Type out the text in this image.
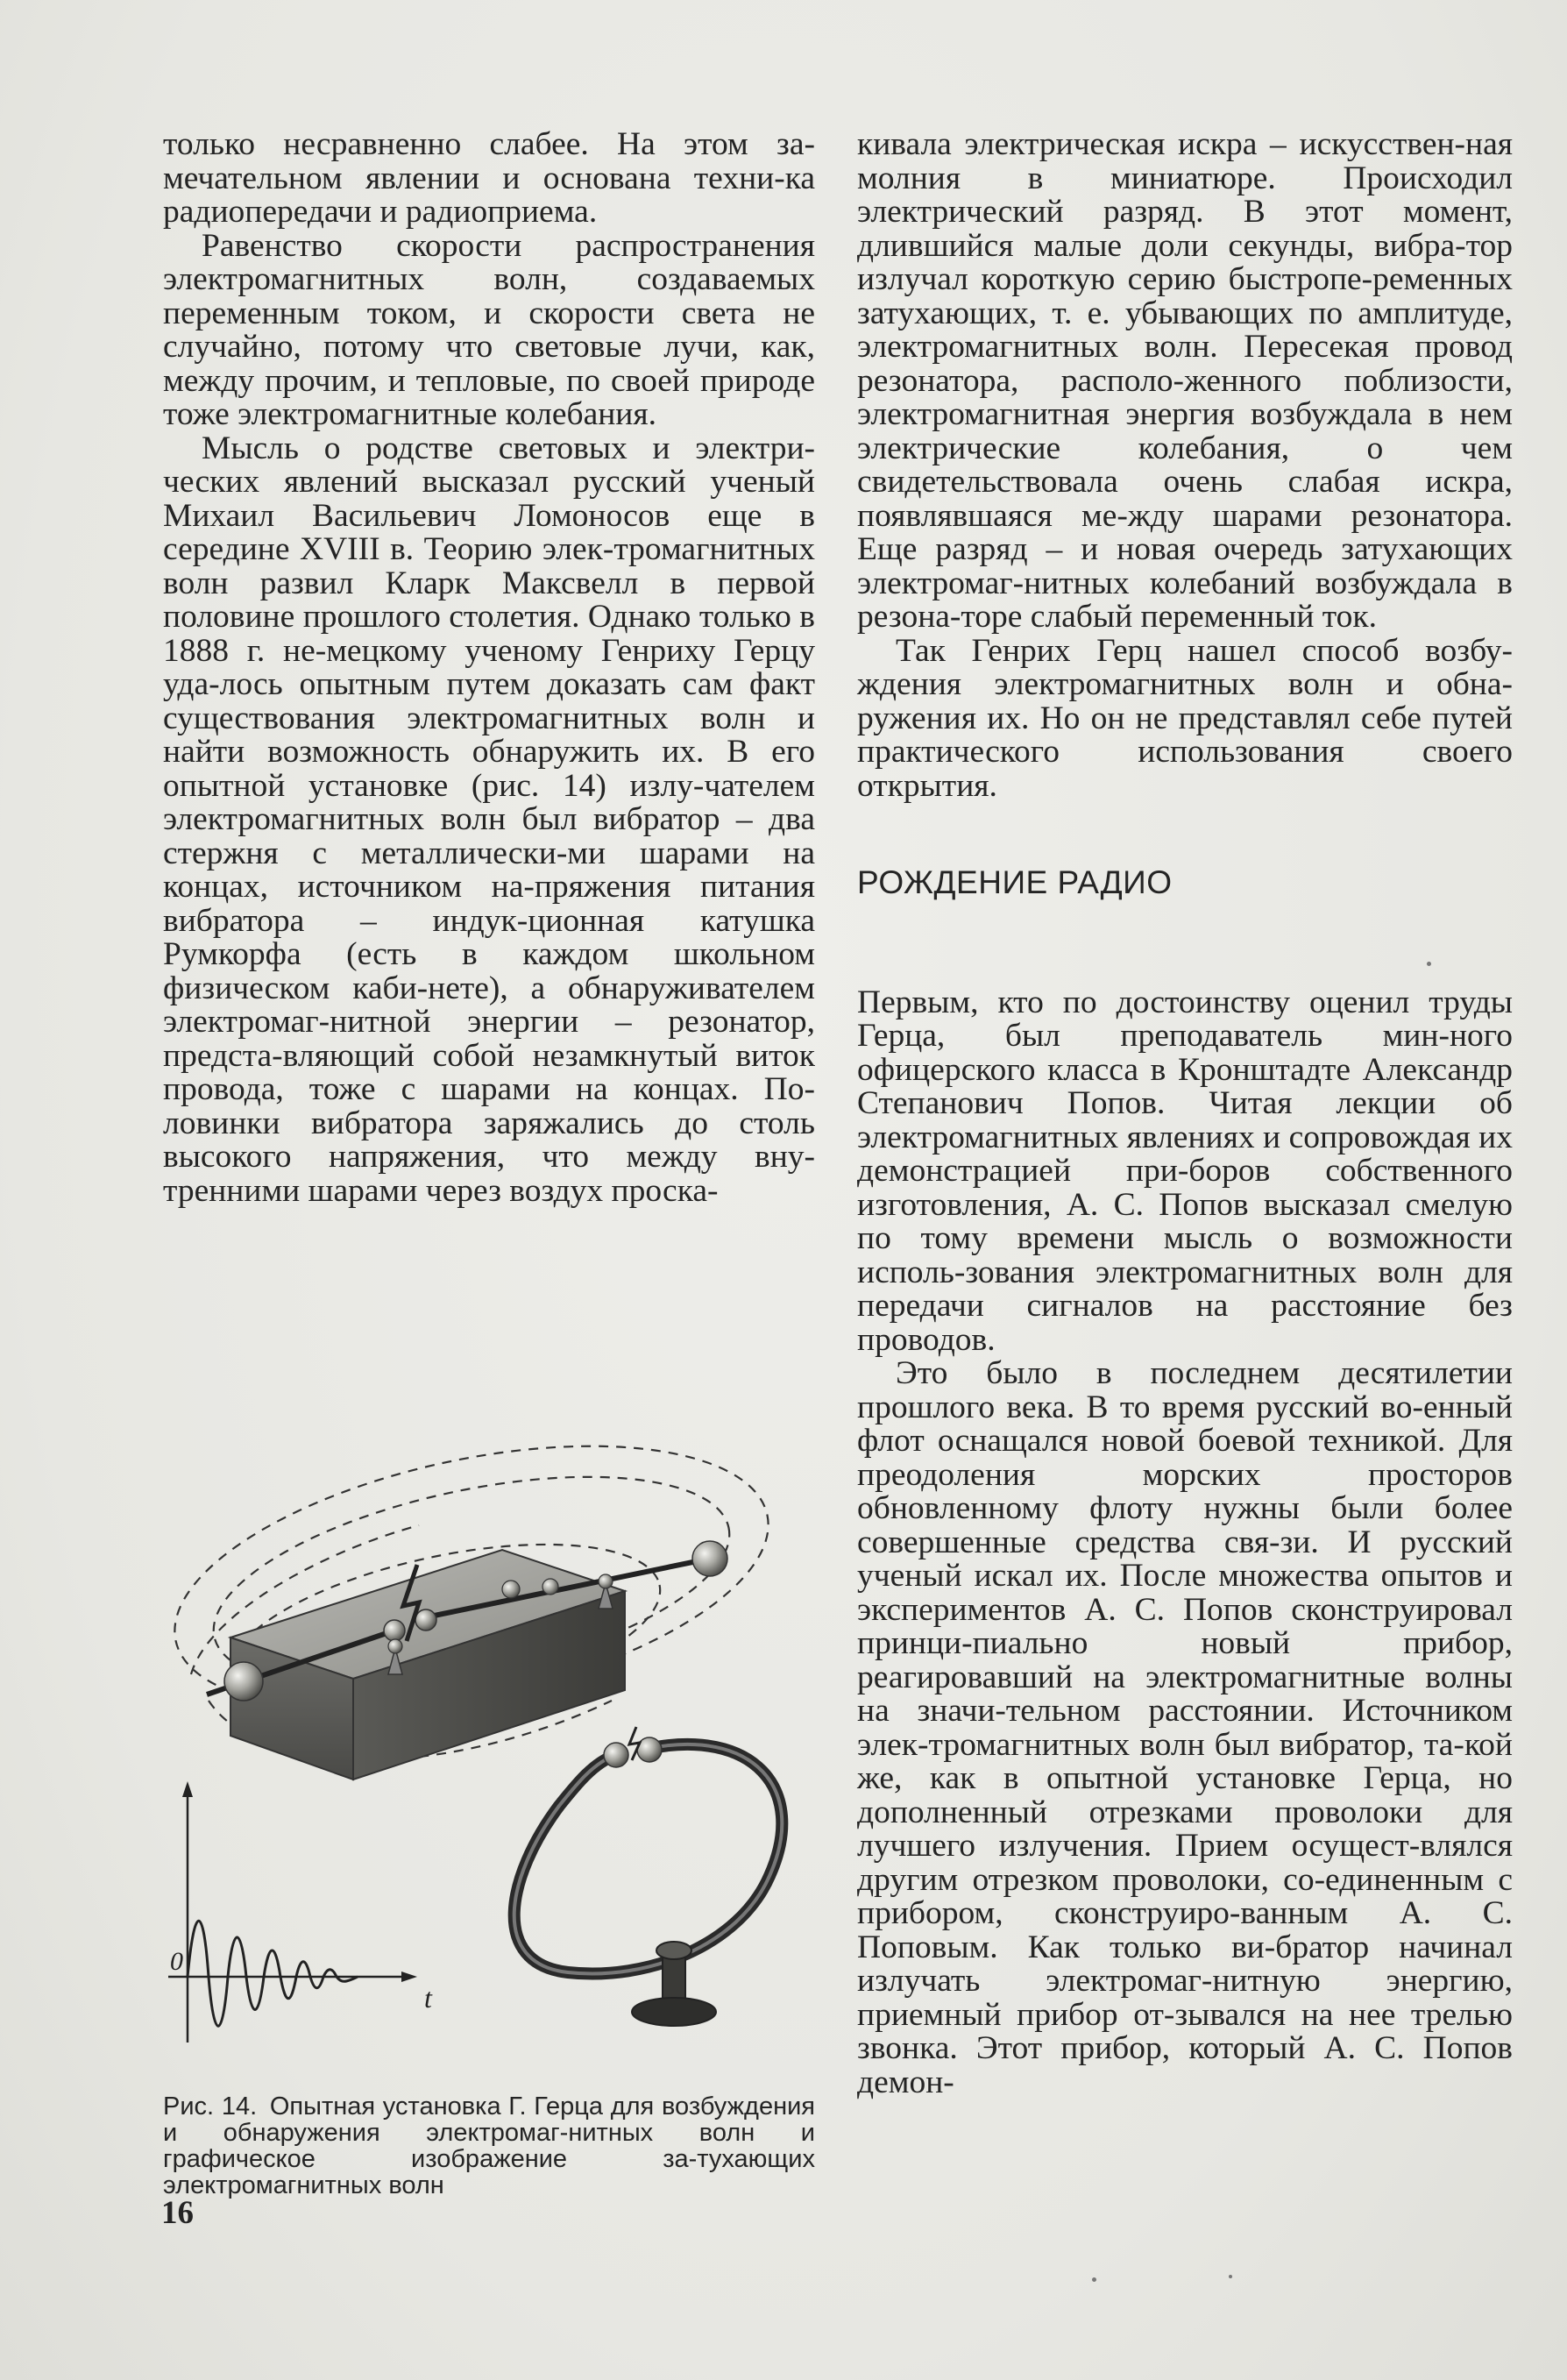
только несравненно слабее. На этом за-мечательном явлении и основана техни-ка радиопередачи и радиоприема.

Равенство скорости распространения электромагнитных волн, создаваемых переменным током, и скорости света не случайно, потому что световые лучи, как, между прочим, и тепловые, по своей природе тоже электромагнитные колебания.

Мысль о родстве световых и электри-ческих явлений высказал русский ученый Михаил Васильевич Ломоносов еще в середине XVIII в. Теорию элек-тромагнитных волн развил Кларк Максвелл в первой половине прошлого столетия. Однако только в 1888 г. не-мецкому ученому Генриху Герцу уда-лось опытным путем доказать сам факт существования электромагнитных волн и найти возможность обнаружить их. В его опытной установке (рис. 14) излу-чателем электромагнитных волн был вибратор – два стержня с металлически-ми шарами на концах, источником на-пряжения питания вибратора – индук-ционная катушка Румкорфа (есть в каждом школьном физическом каби-нете), а обнаруживателем электромаг-нитной энергии – резонатор, предста-вляющий собой незамкнутый виток провода, тоже с шарами на концах. По-ловинки вибратора заряжались до столь высокого напряжения, что между вну-тренними шарами через воздух проска-

0
t
Рис. 14. Опытная установка Г. Герца для возбуждения и обнаружения электромаг-нитных волн и графическое изображение за-тухающих электромагнитных волн

кивала электрическая искра – искусствен-ная молния в миниатюре. Происходил электрический разряд. В этот момент, длившийся малые доли секунды, вибра-тор излучал короткую серию быстропе-ременных затухающих, т. е. убывающих по амплитуде, электромагнитных волн. Пересекая провод резонатора, располо-женного поблизости, электромагнитная энергия возбуждала в нем электрические колебания, о чем свидетельствовала очень слабая искра, появлявшаяся ме-жду шарами резонатора. Еще разряд – и новая очередь затухающих электромаг-нитных колебаний возбуждала в резона-торе слабый переменный ток.

Так Генрих Герц нашел способ возбу-ждения электромагнитных волн и обна-ружения их. Но он не представлял себе путей практического использования своего открытия.

РОЖДЕНИЕ РАДИО

Первым, кто по достоинству оценил труды Герца, был преподаватель мин-ного офицерского класса в Кронштадте Александр Степанович Попов. Читая лекции об электромагнитных явлениях и сопровождая их демонстрацией при-боров собственного изготовления, А. С. Попов высказал смелую по тому времени мысль о возможности исполь-зования электромагнитных волн для передачи сигналов на расстояние без проводов.

Это было в последнем десятилетии прошлого века. В то время русский во-енный флот оснащался новой боевой техникой. Для преодоления морских просторов обновленному флоту нужны были более совершенные средства свя-зи. И русский ученый искал их. После множества опытов и экспериментов А. С. Попов сконструировал принци-пиально новый прибор, реагировавший на электромагнитные волны на значи-тельном расстоянии. Источником элек-тромагнитных волн был вибратор, та-кой же, как в опытной установке Герца, но дополненный отрезками проволоки для лучшего излучения. Прием осущест-влялся другим отрезком проволоки, со-единенным с прибором, сконструиро-ванным А. С. Поповым. Как только ви-братор начинал излучать электромаг-нитную энергию, приемный прибор от-зывался на нее трелью звонка. Этот прибор, который А. С. Попов демон-

16
